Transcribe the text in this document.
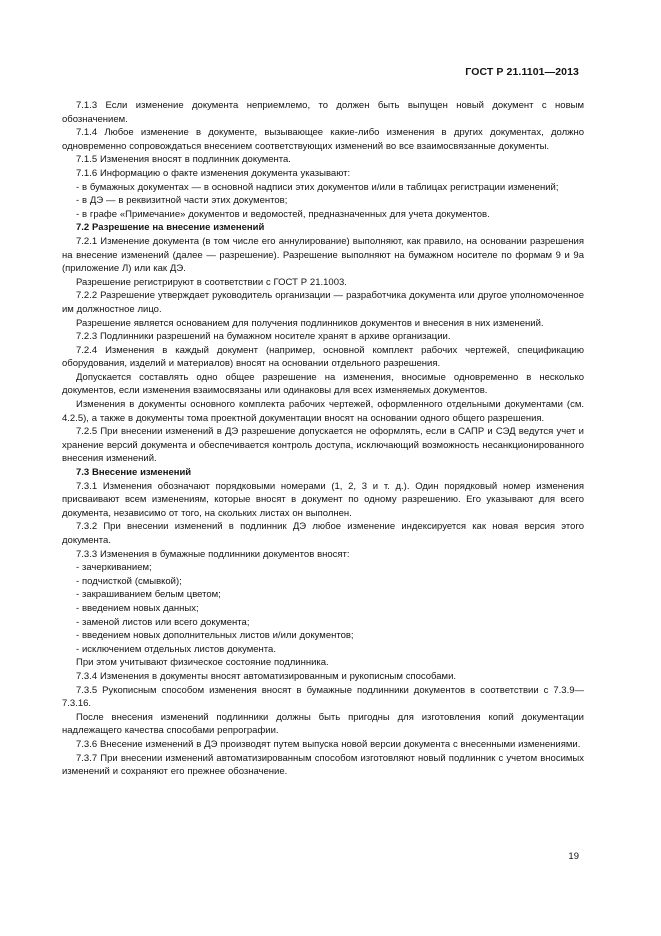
ГОСТ Р 21.1101—2013

7.1.3 Если изменение документа неприемлемо, то должен быть выпущен новый документ с новым обозначением.

7.1.4 Любое изменение в документе, вызывающее какие-либо изменения в других документах, должно одновременно сопровождаться внесением соответствующих изменений во все взаимосвязанные документы.

7.1.5 Изменения вносят в подлинник документа.

7.1.6 Информацию о факте изменения документа указывают:

- в бумажных документах — в основной надписи этих документов и/или в таблицах регистрации изменений;

- в ДЭ — в реквизитной части этих документов;

- в графе «Примечание» документов и ведомостей, предназначенных для учета документов.

7.2 Разрешение на внесение изменений

7.2.1 Изменение документа (в том числе его аннулирование) выполняют, как правило, на основании разрешения на внесение изменений (далее — разрешение). Разрешение выполняют на бумажном носителе по формам 9 и 9а (приложение Л) или как ДЭ.

Разрешение регистрируют в соответствии с ГОСТ Р 21.1003.

7.2.2 Разрешение утверждает руководитель организации — разработчика документа или другое уполномоченное им должностное лицо.

Разрешение является основанием для получения подлинников документов и внесения в них изменений.

7.2.3 Подлинники разрешений на бумажном носителе хранят в архиве организации.

7.2.4 Изменения в каждый документ (например, основной комплект рабочих чертежей, спецификацию оборудования, изделий и материалов) вносят на основании отдельного разрешения.

Допускается составлять одно общее разрешение на изменения, вносимые одновременно в несколько документов, если изменения взаимосвязаны или одинаковы для всех изменяемых документов.

Изменения в документы основного комплекта рабочих чертежей, оформленного отдельными документами (см. 4.2.5), а также в документы тома проектной документации вносят на основании одного общего разрешения.

7.2.5 При внесении изменений в ДЭ разрешение допускается не оформлять, если в САПР и СЭД ведутся учет и хранение версий документа и обеспечивается контроль доступа, исключающий возможность несанкционированного внесения изменений.

7.3 Внесение изменений

7.3.1 Изменения обозначают порядковыми номерами (1, 2, 3 и т. д.). Один порядковый номер изменения присваивают всем изменениям, которые вносят в документ по одному разрешению. Его указывают для всего документа, независимо от того, на скольких листах он выполнен.

7.3.2 При внесении изменений в подлинник ДЭ любое изменение индексируется как новая версия этого документа.

7.3.3 Изменения в бумажные подлинники документов вносят:

- зачеркиванием;

- подчисткой (смывкой);

- закрашиванием белым цветом;

- введением новых данных;

- заменой листов или всего документа;

- введением новых дополнительных листов и/или документов;

- исключением отдельных листов документа.

При этом учитывают физическое состояние подлинника.

7.3.4 Изменения в документы вносят автоматизированным и рукописным способами.

7.3.5 Рукописным способом изменения вносят в бумажные подлинники документов в соответствии с 7.3.9—7.3.16.

После внесения изменений подлинники должны быть пригодны для изготовления копий документации надлежащего качества способами репрографии.

7.3.6 Внесение изменений в ДЭ производят путем выпуска новой версии документа с внесенными изменениями.

7.3.7 При внесении изменений автоматизированным способом изготовляют новый подлинник с учетом вносимых изменений и сохраняют его прежнее обозначение.

19
